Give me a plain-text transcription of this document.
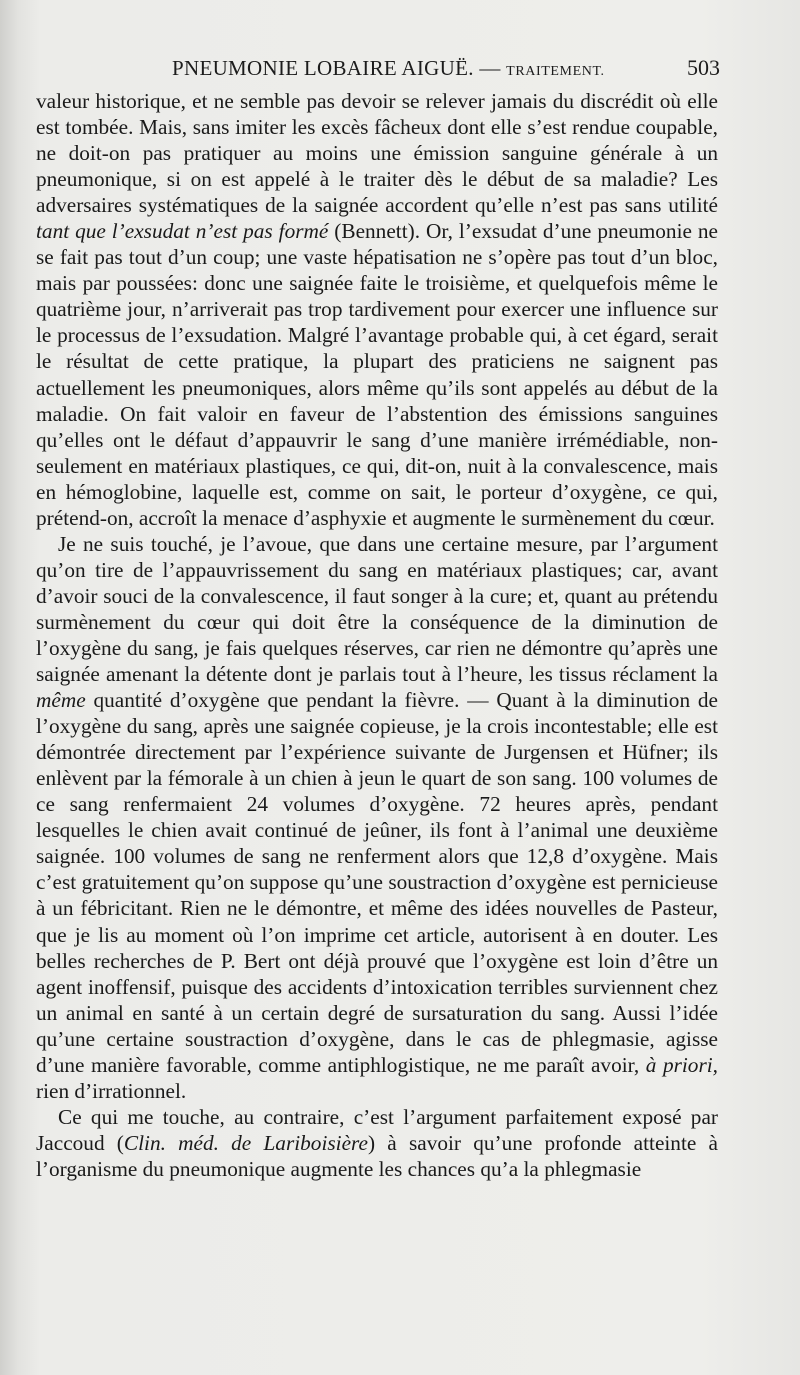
PNEUMONIE LOBAIRE AIGUË. — TRAITEMENT.	503

valeur historique, et ne semble pas devoir se relever jamais du discrédit où elle est tombée. Mais, sans imiter les excès fâcheux dont elle s’est rendue coupable, ne doit-on pas pratiquer au moins une émission sanguine générale à un pneumonique, si on est appelé à le traiter dès le début de sa maladie? Les adversaires systématiques de la saignée accordent qu’elle n’est pas sans utilité tant que l’exsudat n’est pas formé (Bennett). Or, l’exsudat d’une pneumonie ne se fait pas tout d’un coup; une vaste hépatisation ne s’opère pas tout d’un bloc, mais par poussées: donc une saignée faite le troisième, et quelquefois même le quatrième jour, n’arriverait pas trop tardivement pour exercer une influence sur le processus de l’exsudation. Malgré l’avantage probable qui, à cet égard, serait le résultat de cette pratique, la plupart des praticiens ne saignent pas actuellement les pneumoniques, alors même qu’ils sont appelés au début de la maladie. On fait valoir en faveur de l’abstention des émissions sanguines qu’elles ont le défaut d’appauvrir le sang d’une manière irrémédiable, non-seulement en matériaux plastiques, ce qui, dit-on, nuit à la convalescence, mais en hémoglobine, laquelle est, comme on sait, le porteur d’oxygène, ce qui, prétend-on, accroît la menace d’asphyxie et augmente le surmènement du cœur.

Je ne suis touché, je l’avoue, que dans une certaine mesure, par l’argument qu’on tire de l’appauvrissement du sang en matériaux plastiques; car, avant d’avoir souci de la convalescence, il faut songer à la cure; et, quant au prétendu surmènement du cœur qui doit être la conséquence de la diminution de l’oxygène du sang, je fais quelques réserves, car rien ne démontre qu’après une saignée amenant la détente dont je parlais tout à l’heure, les tissus réclament la même quantité d’oxygène que pendant la fièvre. — Quant à la diminution de l’oxygène du sang, après une saignée copieuse, je la crois incontestable; elle est démontrée directement par l’expérience suivante de Jurgensen et Hüfner; ils enlèvent par la fémorale à un chien à jeun le quart de son sang. 100 volumes de ce sang renfermaient 24 volumes d’oxygène. 72 heures après, pendant lesquelles le chien avait continué de jeûner, ils font à l’animal une deuxième saignée. 100 volumes de sang ne renferment alors que 12,8 d’oxygène. Mais c’est gratuitement qu’on suppose qu’une soustraction d’oxygène est pernicieuse à un fébricitant. Rien ne le démontre, et même des idées nouvelles de Pasteur, que je lis au moment où l’on imprime cet article, autorisent à en douter. Les belles recherches de P. Bert ont déjà prouvé que l’oxygène est loin d’être un agent inoffensif, puisque des accidents d’intoxication terribles surviennent chez un animal en santé à un certain degré de sursaturation du sang. Aussi l’idée qu’une certaine soustraction d’oxygène, dans le cas de phlegmasie, agisse d’une manière favorable, comme antiphlogistique, ne me paraît avoir, à priori, rien d’irrationnel.

Ce qui me touche, au contraire, c’est l’argument parfaitement exposé par Jaccoud (Clin. méd. de Lariboisière) à savoir qu’une profonde atteinte à l’organisme du pneumonique augmente les chances qu’a la phlegmasie
